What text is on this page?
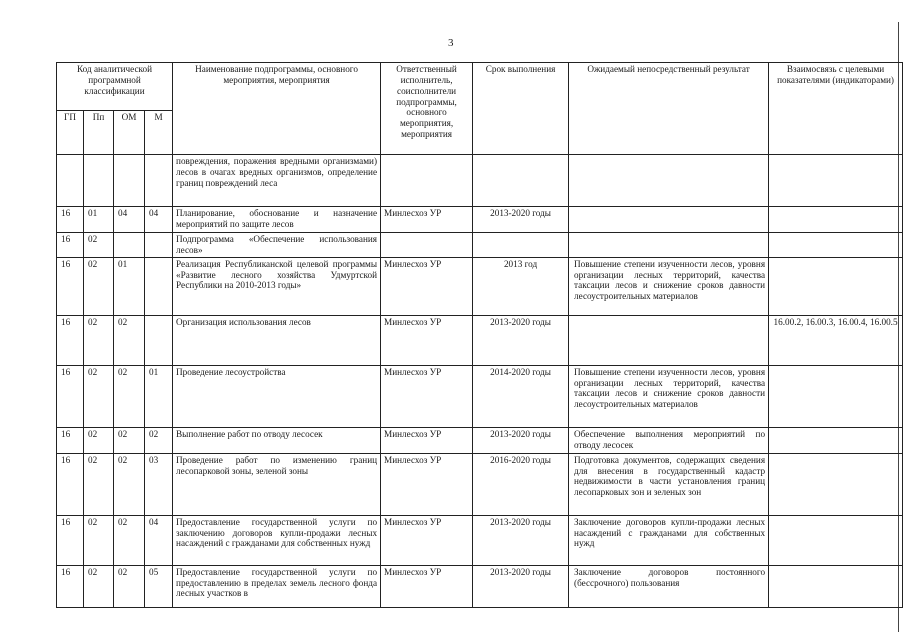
3
Код аналитической программной классификации				Наименование подпрограммы, основного мероприятия, мероприятия	Ответственный исполнитель, соисполнители подпрограммы, основного мероприятия, мероприятия	Срок выполнения	Ожидаемый непосредственный результат	Взаимосвязь с целевыми показателями (индикаторами)
ГП	Пп	ОМ	М					
				повреждения, поражения вредными организмами) лесов в очагах вредных организмов, определение границ повреждений леса				
16	01	04	04	Планирование, обоснование и назначение мероприятий по защите лесов	Минлесхоз УР	2013-2020 годы		
16	02			Подпрограмма «Обеспечение использования лесов»				
16	02	01		Реализация Республиканской целевой программы «Развитие лесного хозяйства Удмуртской Республики на 2010-2013 годы»	Минлесхоз УР	2013 год	Повышение степени изученности лесов, уровня организации лесных территорий, качества таксации лесов и снижение сроков давности лесоустроительных материалов	
16	02	02		Организация использования лесов	Минлесхоз УР	2013-2020 годы		16.00.2, 16.00.3, 16.00.4, 16.00.5
16	02	02	01	Проведение лесоустройства	Минлесхоз УР	2014-2020 годы	Повышение степени изученности лесов, уровня организации лесных территорий, качества таксации лесов и снижение сроков давности лесоустроительных материалов	
16	02	02	02	Выполнение работ по отводу лесосек	Минлесхоз УР	2013-2020 годы	Обеспечение выполнения мероприятий по отводу лесосек	
16	02	02	03	Проведение работ по изменению границ лесопарковой зоны, зеленой зоны	Минлесхоз УР	2016-2020 годы	Подготовка документов, содержащих сведения для внесения в государственный кадастр недвижимости в части установления границ лесопарковых зон и зеленых зон	
16	02	02	04	Предоставление государственной услуги по заключению договоров купли-продажи лесных насаждений с гражданами для собственных нужд	Минлесхоз УР	2013-2020 годы	Заключение договоров купли-продажи лесных насаждений с гражданами для собственных нужд	
16	02	02	05	Предоставление государственной услуги по предоставлению в пределах земель лесного фонда лесных участков в	Минлесхоз УР	2013-2020 годы	Заключение договоров постоянного (бессрочного) пользования	
